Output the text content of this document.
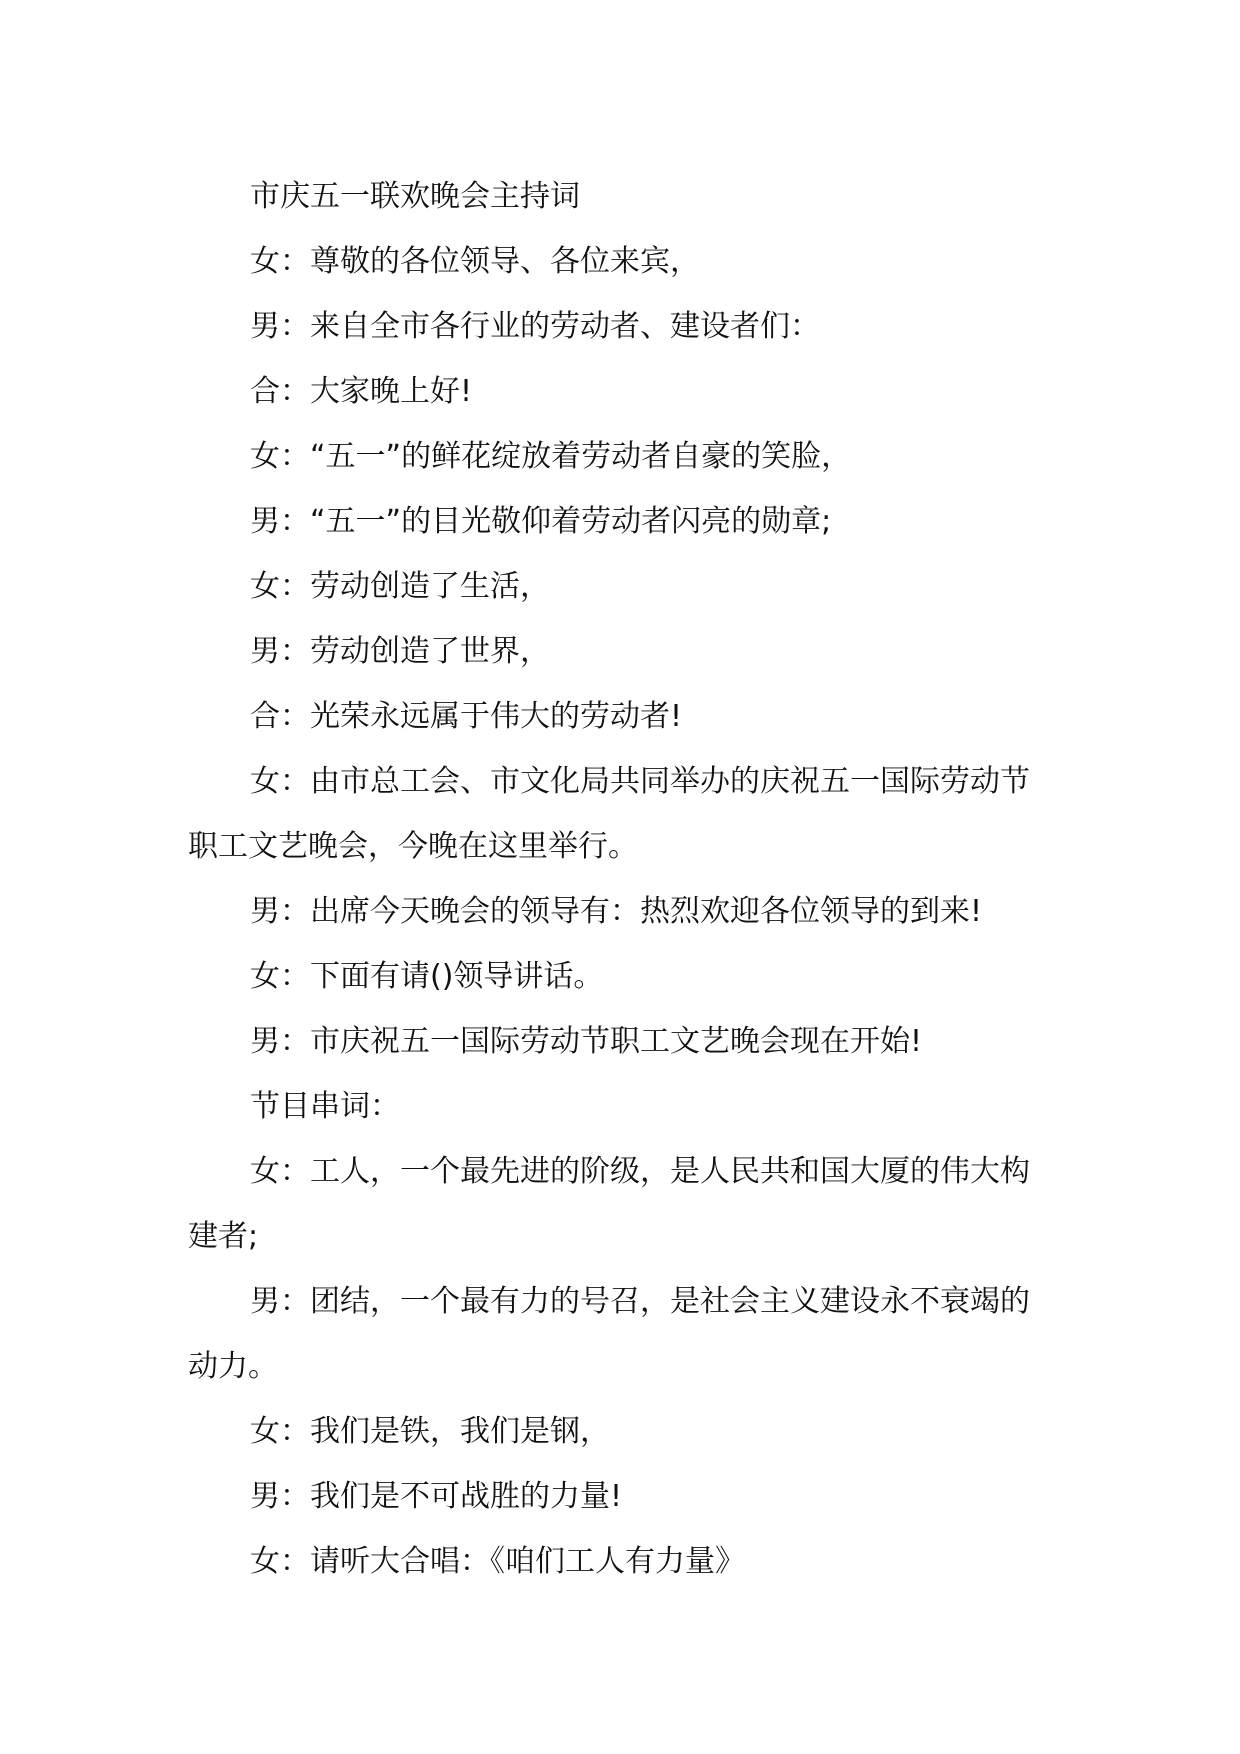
市庆五一联欢晚会主持词

女：尊敬的各位领导、各位来宾，

男：来自全市各行业的劳动者、建设者们：

合：大家晚上好!

女：“五一”的鲜花绽放着劳动者自豪的笑脸，

男：“五一”的目光敬仰着劳动者闪亮的勋章;

女：劳动创造了生活，

男：劳动创造了世界，

合：光荣永远属于伟大的劳动者!

女：由市总工会、市文化局共同举办的庆祝五一国际劳动节职工文艺晚会，今晚在这里举行。

男：出席今天晚会的领导有：热烈欢迎各位领导的到来!

女：下面有请()领导讲话。

男：市庆祝五一国际劳动节职工文艺晚会现在开始!

节目串词：

女：工人，一个最先进的阶级，是人民共和国大厦的伟大构建者;

男：团结，一个最有力的号召，是社会主义建设永不衰竭的动力。

女：我们是铁，我们是钢，

男：我们是不可战胜的力量!

女：请听大合唱：《咱们工人有力量》
